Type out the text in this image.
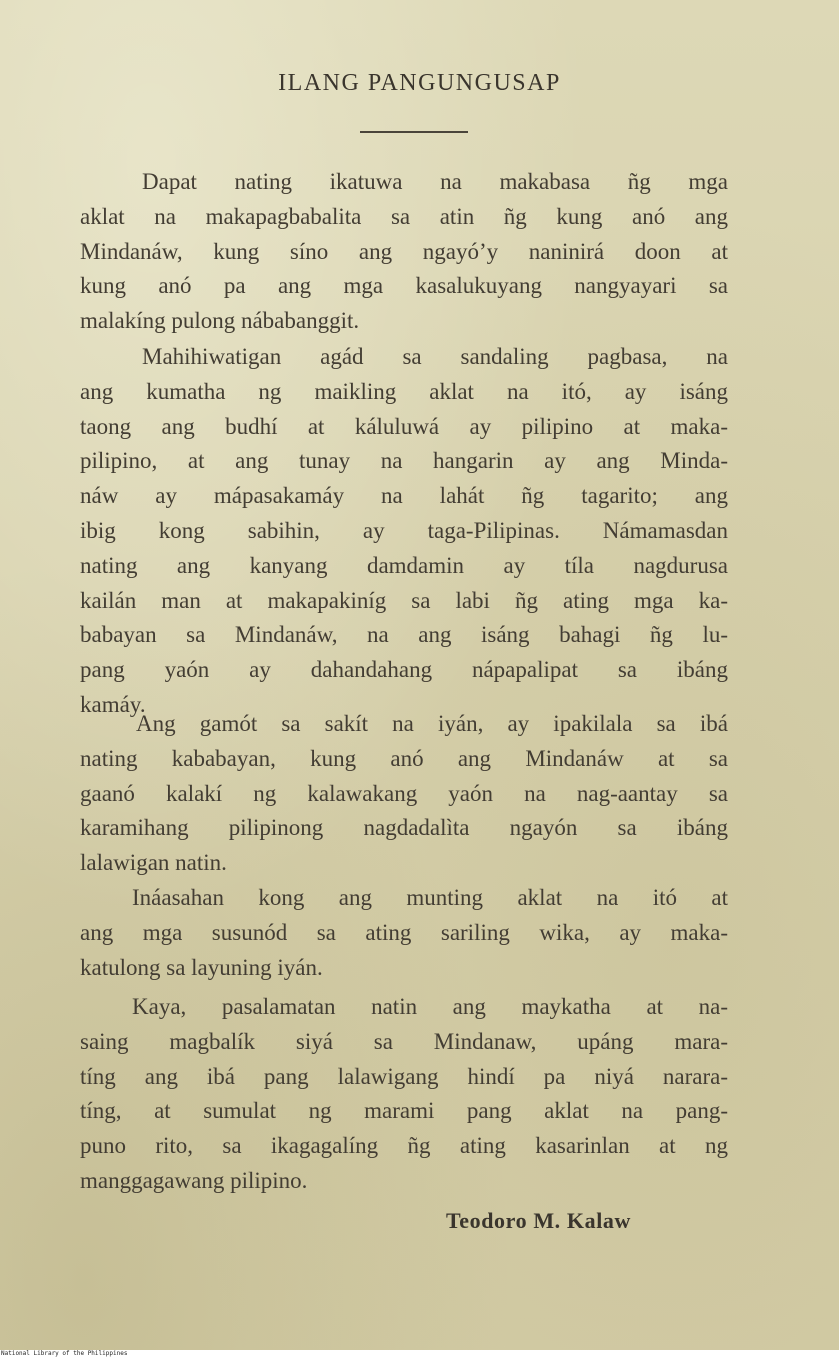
ILANG PANGUNGUSAP
Dapat nating ikatuwa na makabasa ñg mga
aklat na makapagbabalita sa atin ñg kung anó ang
Mindanáw, kung síno ang ngayó’y naninirá doon at
kung anó pa ang mga kasalukuyang nangyayari sa
malakíng pulong nábabanggit.
Mahihiwatigan agád sa sandaling pagbasa, na
ang kumatha ng maikling aklat na itó, ay isáng
taong ang budhí at káluluwá ay pilipino at maka-
pilipino, at ang tunay na hangarin ay ang Minda-
náw ay mápasakamáy na lahát ñg tagarito; ang
ibig kong sabihin, ay taga-Pilipinas. Námamasdan
nating ang kanyang damdamin ay tíla nagdurusa
kailán man at makapakiníg sa labi ñg ating mga ka-
babayan sa Mindanáw, na ang isáng bahagi ñg lu-
pang yaón ay dahandahang nápapalipat sa ibáng
kamáy.
Ang gamót sa sakít na iyán, ay ipakilala sa ibá
nating kababayan, kung anó ang Mindanáw at sa
gaanó kalakí ng kalawakang yaón na nag-aantay sa
karamihang pilipinong nagdadalìta ngayón sa ibáng
lalawigan natin.
Ináasahan kong ang munting aklat na itó at
ang mga susunód sa ating sariling wika, ay maka-
katulong sa layuning iyán.
Kaya, pasalamatan natin ang maykatha at na-
saing magbalík siyá sa Mindanaw, upáng mara-
tíng ang ibá pang lalawigang hindí pa niyá narara-
tíng, at sumulat ng marami pang aklat na pang-
puno rito, sa ikagagalíng ñg ating kasarinlan at ng
manggagawang pilipino.
Teodoro M. Kalaw
National Library of the Philippines
